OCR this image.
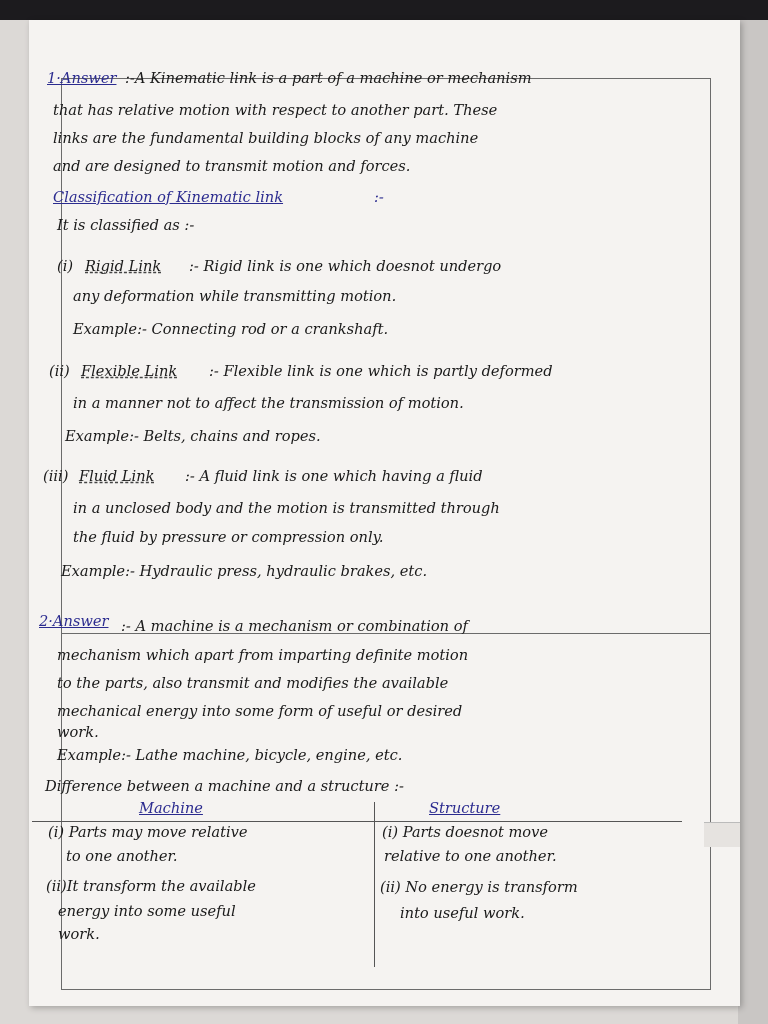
1·Answer :-A Kinematic link is a part of a machine or mechanism
that has relative motion with respect to another part. These
links are the fundamental building blocks of any machine
and are designed to transmit motion and forces.
Classification of Kinematic link	:-
It is classified as :-
(i) Rigid Link :- Rigid link is one which doesnot undergo
any deformation while transmitting motion.
Example:- Connecting rod or a crankshaft.
(ii) Flexible Link :- Flexible link is one which is partly deformed
in a manner not to affect the transmission of motion.
Example:- Belts, chains and ropes.
(iii) Fluid Link :- A fluid link is one which having a fluid
in a unclosed body and the motion is transmitted through
the fluid by pressure or compression only.
Example:- Hydraulic press, hydraulic brakes, etc.
2·Answer :- A machine is a mechanism or combination of
mechanism which apart from imparting definite motion
to the parts, also transmit and modifies the available
mechanical energy into some form of useful or desired
work.
Example:- Lathe machine, bicycle, engine, etc.
Difference between a machine and a structure :-
Machine	Structure
(i) Parts may move relative
to one another.
(ii)It transform the available
energy into some useful
work.
(i) Parts doesnot move
relative to one another.
(ii) No energy is transform
into useful work.
